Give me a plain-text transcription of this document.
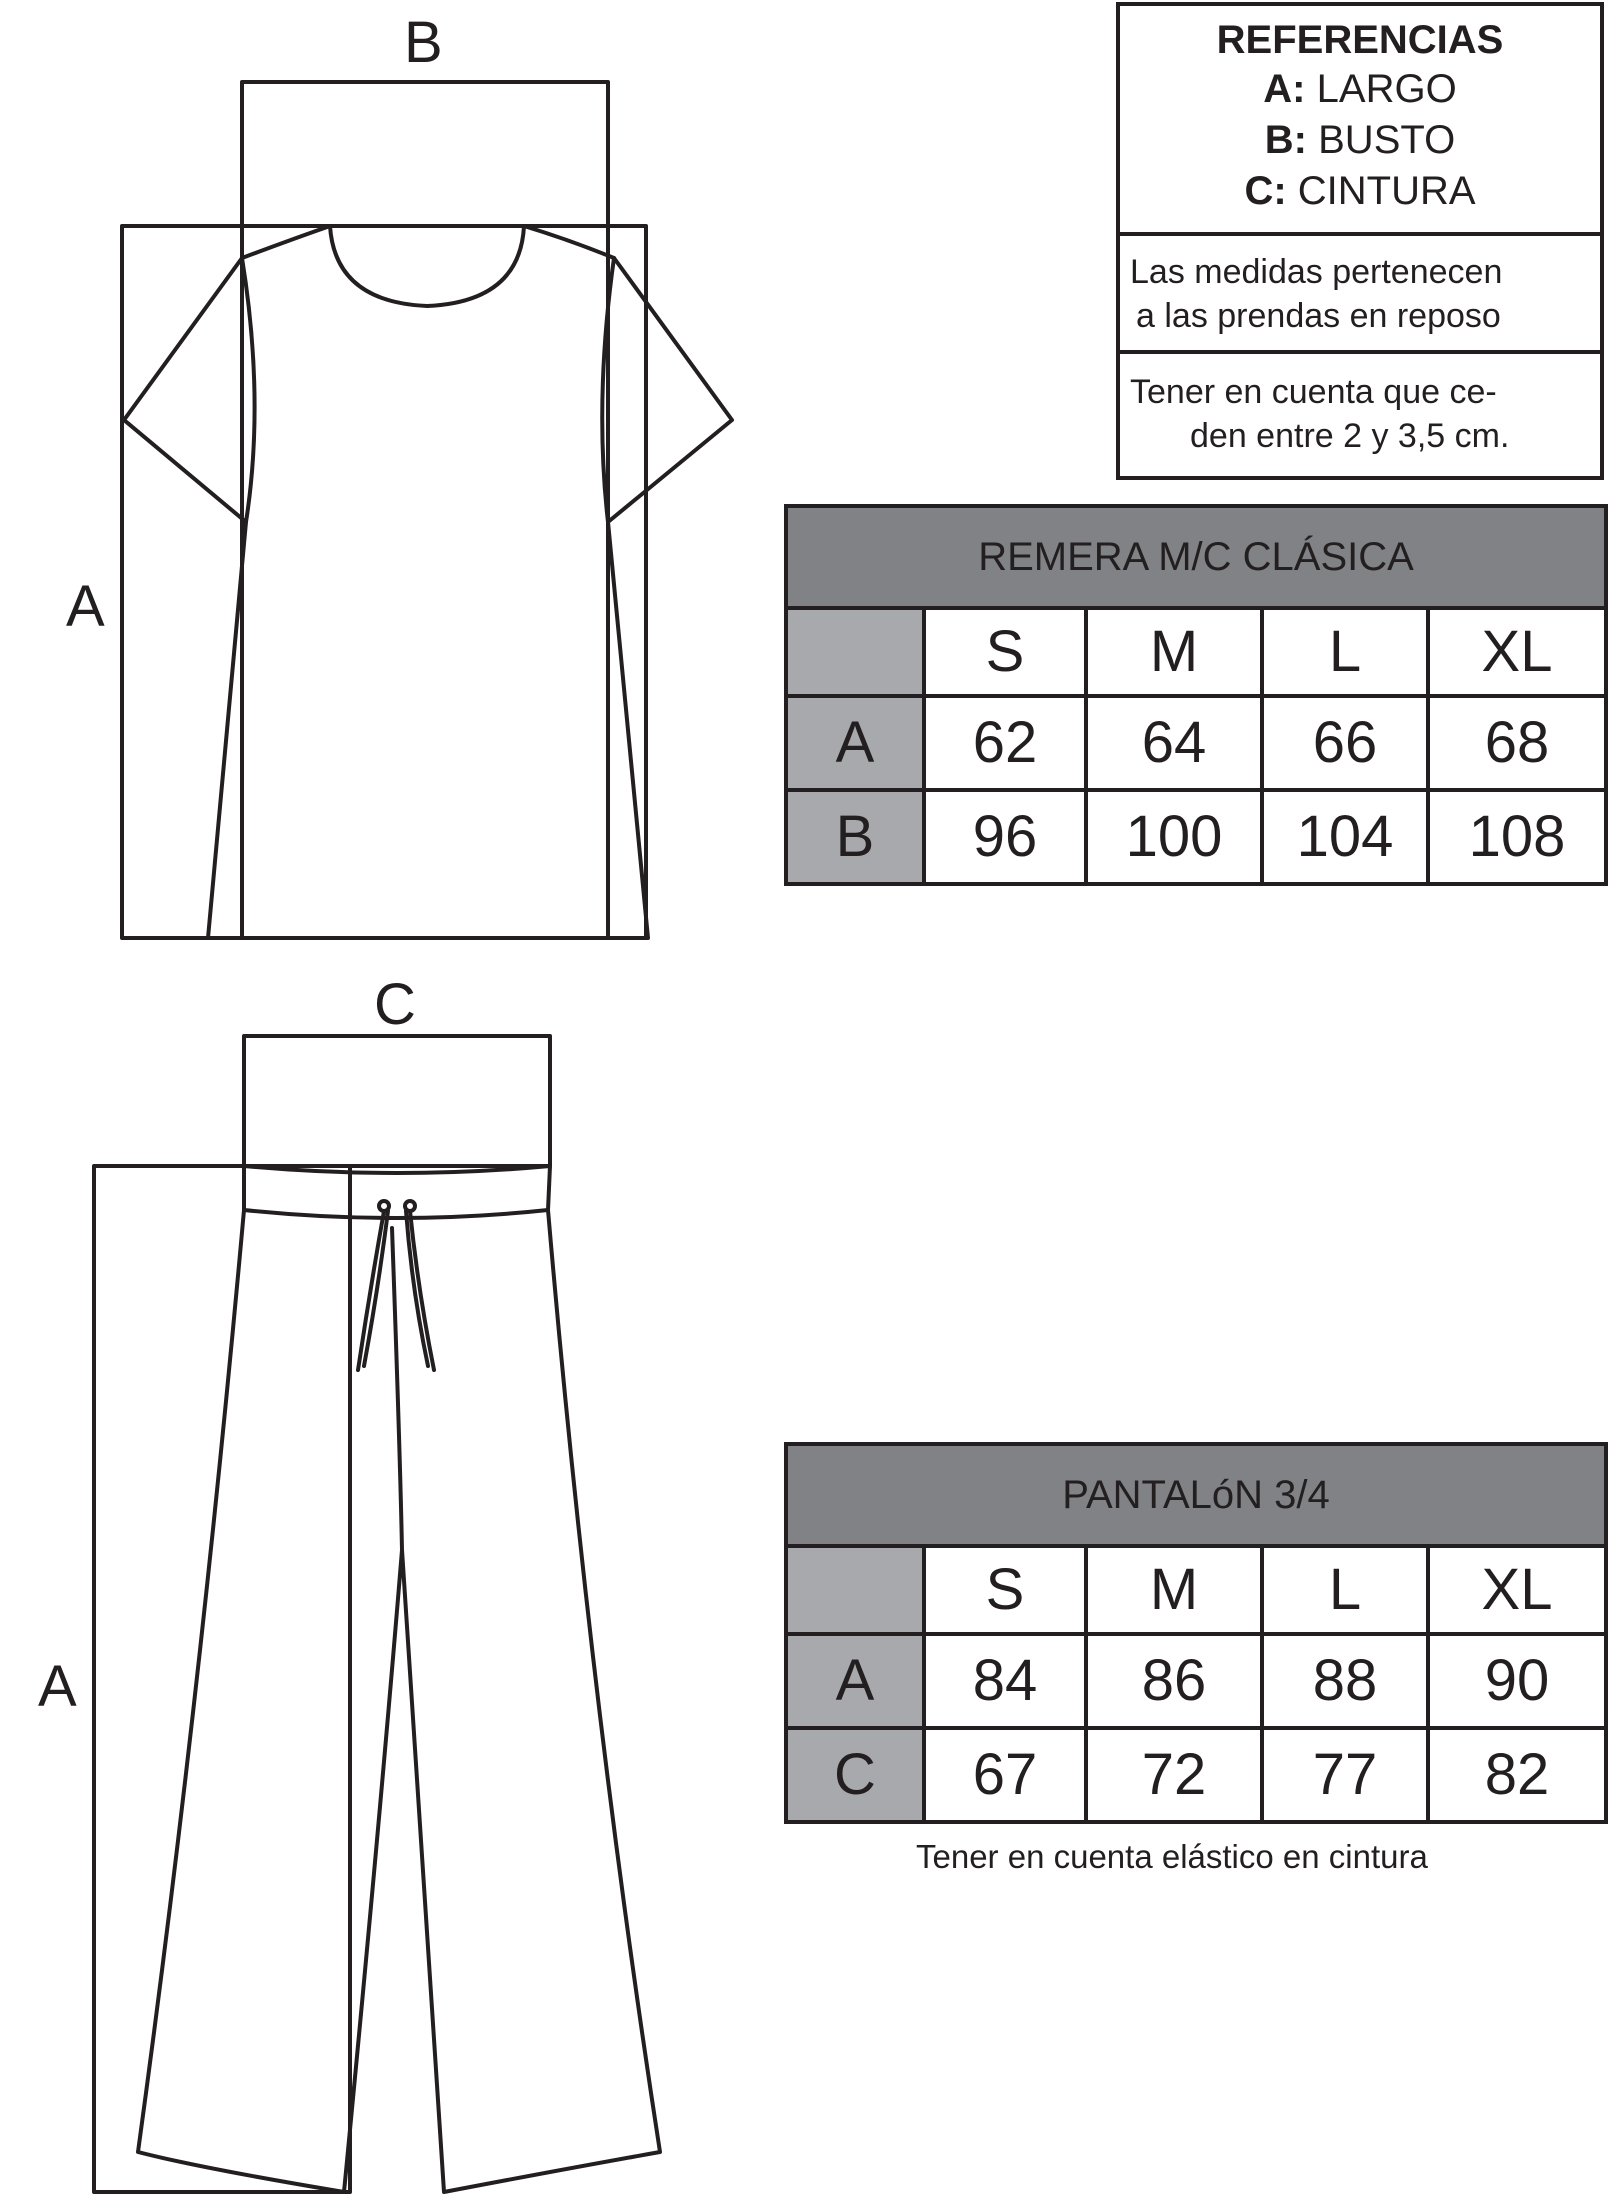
B
A
C
A
REFERENCIAS
A: LARGO
B: BUSTO
C: CINTURA
Las medidas pertenecen
a las prendas en reposo
Tener en cuenta que ce-
den entre 2 y 3,5 cm.
REMERA M/C CLÁSICA				
	S	M	L	XL
A	62	64	66	68
B	96	100	104	108
PANTALóN 3/4				
	S	M	L	XL
A	84	86	88	90
C	67	72	77	82
Tener en cuenta elástico en cintura
